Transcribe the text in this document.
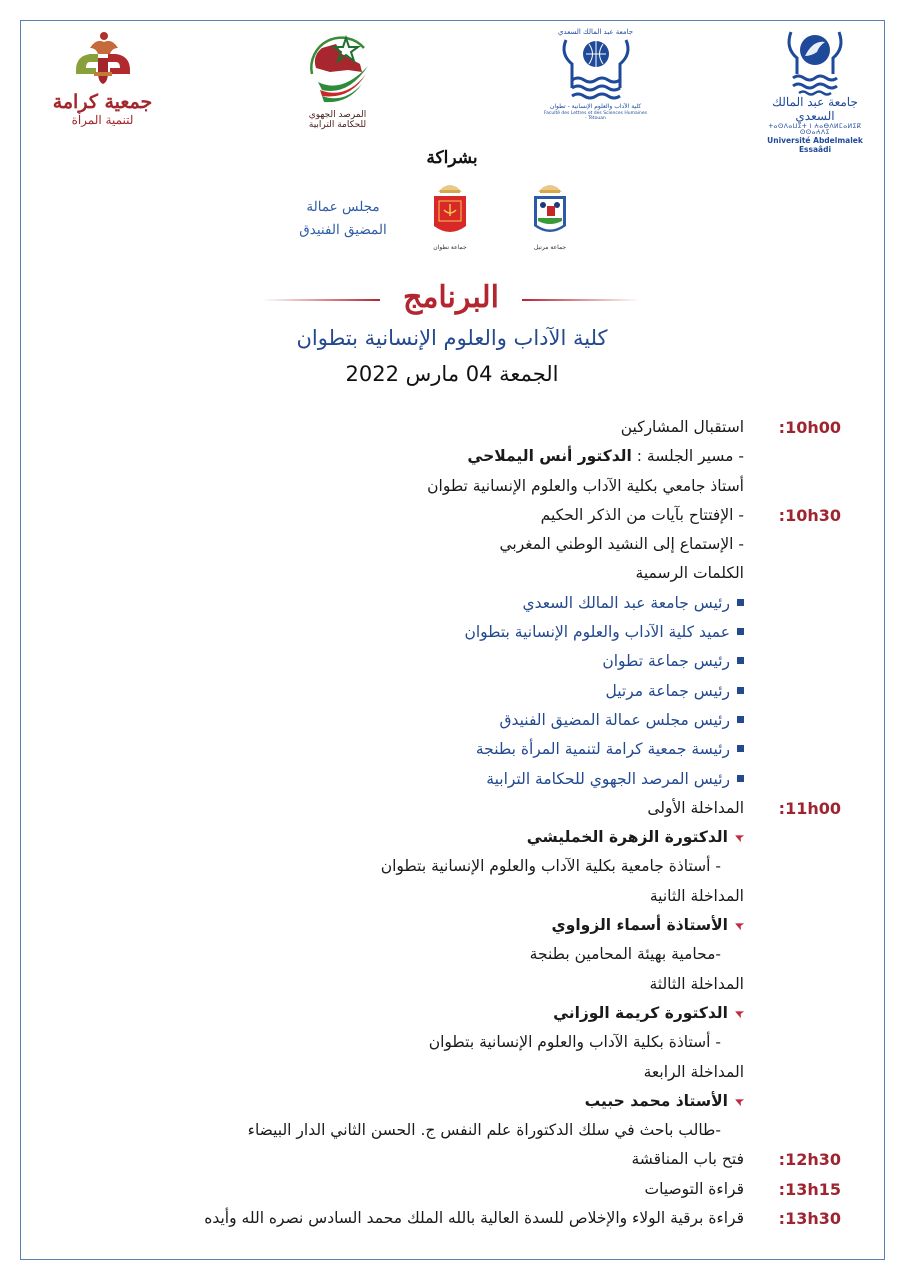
جمعية كرامة
لتنمية المرأة	المرصد الجهوي
للحكامة الترابية
جامعة عبد المالك السعدي
كلية الآداب والعلوم الإنسانية - تطوان
Faculté des Lettres et des Sciences Humaines - Tétouan
جامعة عبد المالك السعدي
ⵜⴰⵙⴷⴰⵡⵉⵜ ⵏ ⵄⴰⴱⴷⵍⵎⴰⵍⵉⴽ ⵙⵙⴰⵄⴷⵉ
Université Abdelmalek Essaâdi
بشراكة
مجلس عمالة
المضيق الفنيدق
جماعة تطوان	جماعة مرتيل
البرنامج
كلية الآداب والعلوم الإنسانية بتطوان
الجمعة 04 مارس 2022
:10h00
استقبال المشاركين
- مسير الجلسة : الدكتور أنس اليملاحي
أستاذ جامعي بكلية الآداب والعلوم الإنسانية تطوان
:10h30
- الإفتتاح بآيات من الذكر الحكيم
- الإستماع إلى النشيد الوطني المغربي
الكلمات الرسمية
رئيس جامعة عبد المالك السعدي
عميد كلية الآداب والعلوم الإنسانية بتطوان
رئيس جماعة تطوان
رئيس جماعة مرتيل
رئيس مجلس عمالة المضيق الفنيدق
رئيسة جمعية كرامة لتنمية المرأة بطنجة
رئيس المرصد الجهوي للحكامة الترابية
:11h00
المداخلة الأولى
➤الدكتورة الزهرة الخمليشي
- أستاذة جامعية بكلية الآداب والعلوم الإنسانية بتطوان
المداخلة الثانية
➤الأستاذة أسماء الزواوي
-محامية بهيئة المحامين بطنجة
المداخلة الثالثة
➤الدكتورة كريمة الوزاني
- أستاذة بكلية الآداب والعلوم الإنسانية بتطوان
المداخلة الرابعة
➤الأستاذ محمد حبيب
-طالب باحث في سلك الدكتوراة علم النفس ج. الحسن الثاني الدار البيضاء
:12h30
فتح باب المناقشة
:13h15
قراءة التوصيات
:13h30
قراءة برقية الولاء والإخلاص للسدة العالية بالله الملك محمد السادس نصره الله وأيده
